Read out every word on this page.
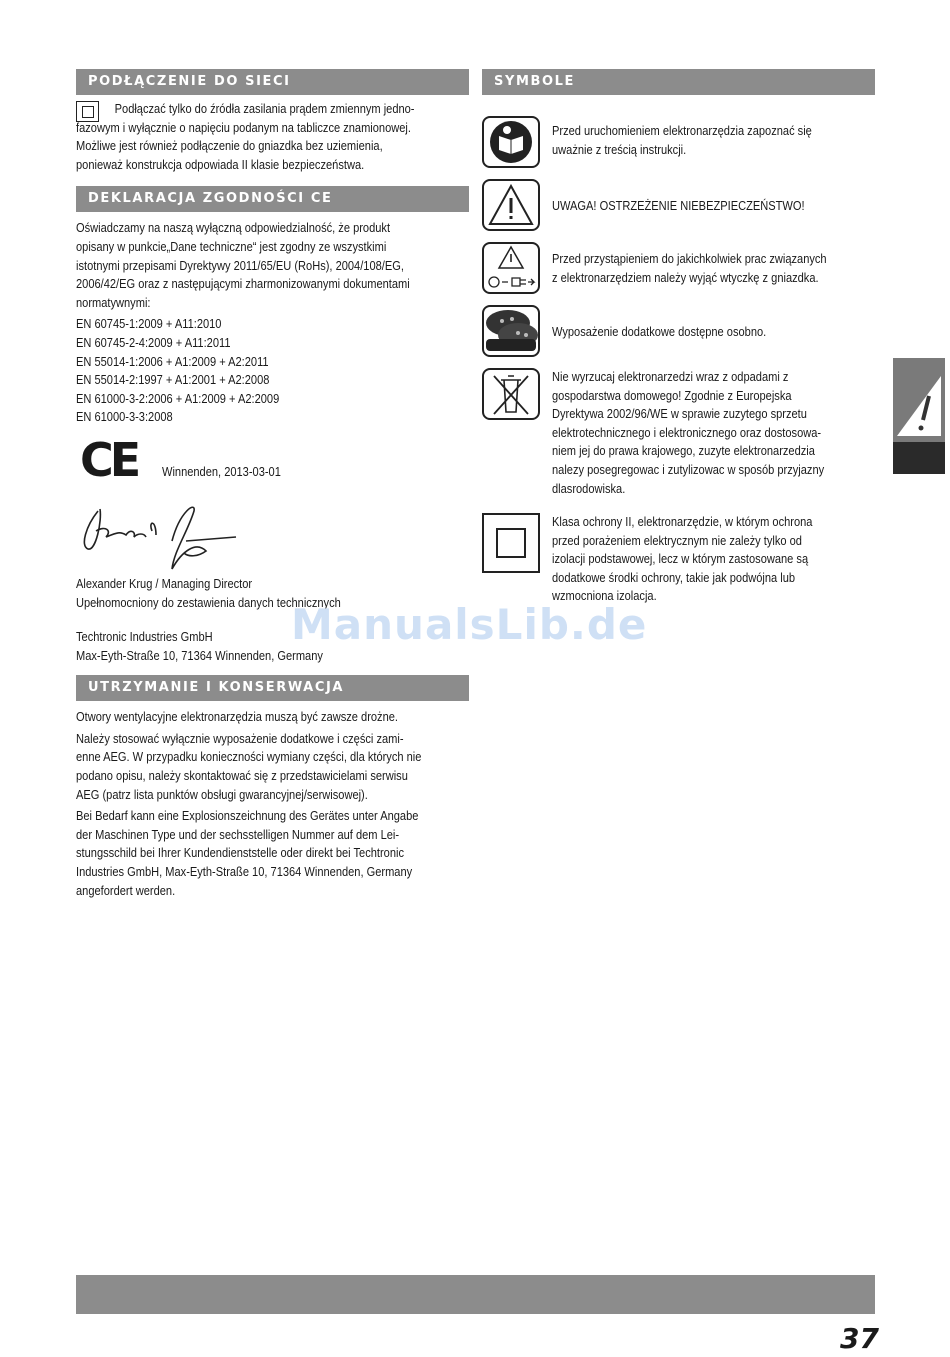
PODŁĄCZENIE DO SIECI
Podłączać tylko do źródła zasilania prądem zmiennym jedno-
fazowym i wyłącznie o napięciu podanym na tabliczce znamionowej.
Możliwe jest również podłączenie do gniazdka bez uziemienia,
ponieważ konstrukcja odpowiada II klasie bezpieczeństwa.
DEKLARACJA ZGODNOŚCI CE
Oświadczamy na naszą wyłączną odpowiedzialność, że produkt
opisany w punkcie„Dane techniczne“ jest zgodny ze wszystkimi
istotnymi przepisami Dyrektywy 2011/65/EU (RoHs), 2004/108/EG,
2006/42/EG oraz z następującymi zharmonizowanymi dokumentami
normatywnymi:
EN 60745-1:2009 + A11:2010
EN 60745-2-4:2009 + A11:2011
EN 55014-1:2006 + A1:2009 + A2:2011
EN 55014-2:1997 + A1:2001 + A2:2008
EN 61000-3-2:2006 + A1:2009 + A2:2009
EN 61000-3-3:2008
CE Winnenden, 2013-03-01
Alexander Krug / Managing Director
Upełnomocniony do zestawienia danych technicznych
Techtronic Industries GmbH
Max-Eyth-Straße 10, 71364 Winnenden, Germany
UTRZYMANIE I KONSERWACJA
Otwory wentylacyjne elektronarzędzia muszą być zawsze drożne.
Należy stosować wyłącznie wyposażenie dodatkowe i części zami-
enne AEG. W przypadku konieczności wymiany części, dla których nie
podano opisu, należy skontaktować się z przedstawicielami serwisu
AEG (patrz lista punktów obsługi gwarancyjnej/serwisowej).
Bei Bedarf kann eine Explosionszeichnung des Gerätes unter Angabe
der Maschinen Type und der sechsstelligen Nummer auf dem Lei-
stungsschild bei Ihrer Kundendienststelle oder direkt bei Techtronic
Industries GmbH, Max-Eyth-Straße 10, 71364 Winnenden, Germany
angefordert werden.
SYMBOLE
Przed uruchomieniem elektronarzędzia zapoznać się
uważnie z treścią instrukcji.
UWAGA! OSTRZEŻENIE NIEBEZPIECZEŃSTWO!
Przed przystąpieniem do jakichkolwiek prac związanych
z elektronarzędziem należy wyjąć wtyczkę z gniazdka.
Wyposażenie dodatkowe dostępne osobno.
Nie wyrzucaj elektronarzedzi wraz z odpadami z
gospodarstwa domowego! Zgodnie z Europejska
Dyrektywa 2002/96/WE w sprawie zuzytego sprzetu
elektrotechnicznego i elektronicznego oraz dostosowa-
niem jej do prawa krajowego, zuzyte elektronarzedzia
nalezy posegregowac i zutylizowac w sposób przyjazny
dlasrodowiska.
Klasa ochrony II, elektronarzędzie, w którym ochrona
przed porażeniem elektrycznym nie zależy tylko od
izolacji podstawowej, lecz w którym zastosowane są
dodatkowe środki ochrony, takie jak podwójna lub
wzmocniona izolacja.
ManualsLib.de
37
